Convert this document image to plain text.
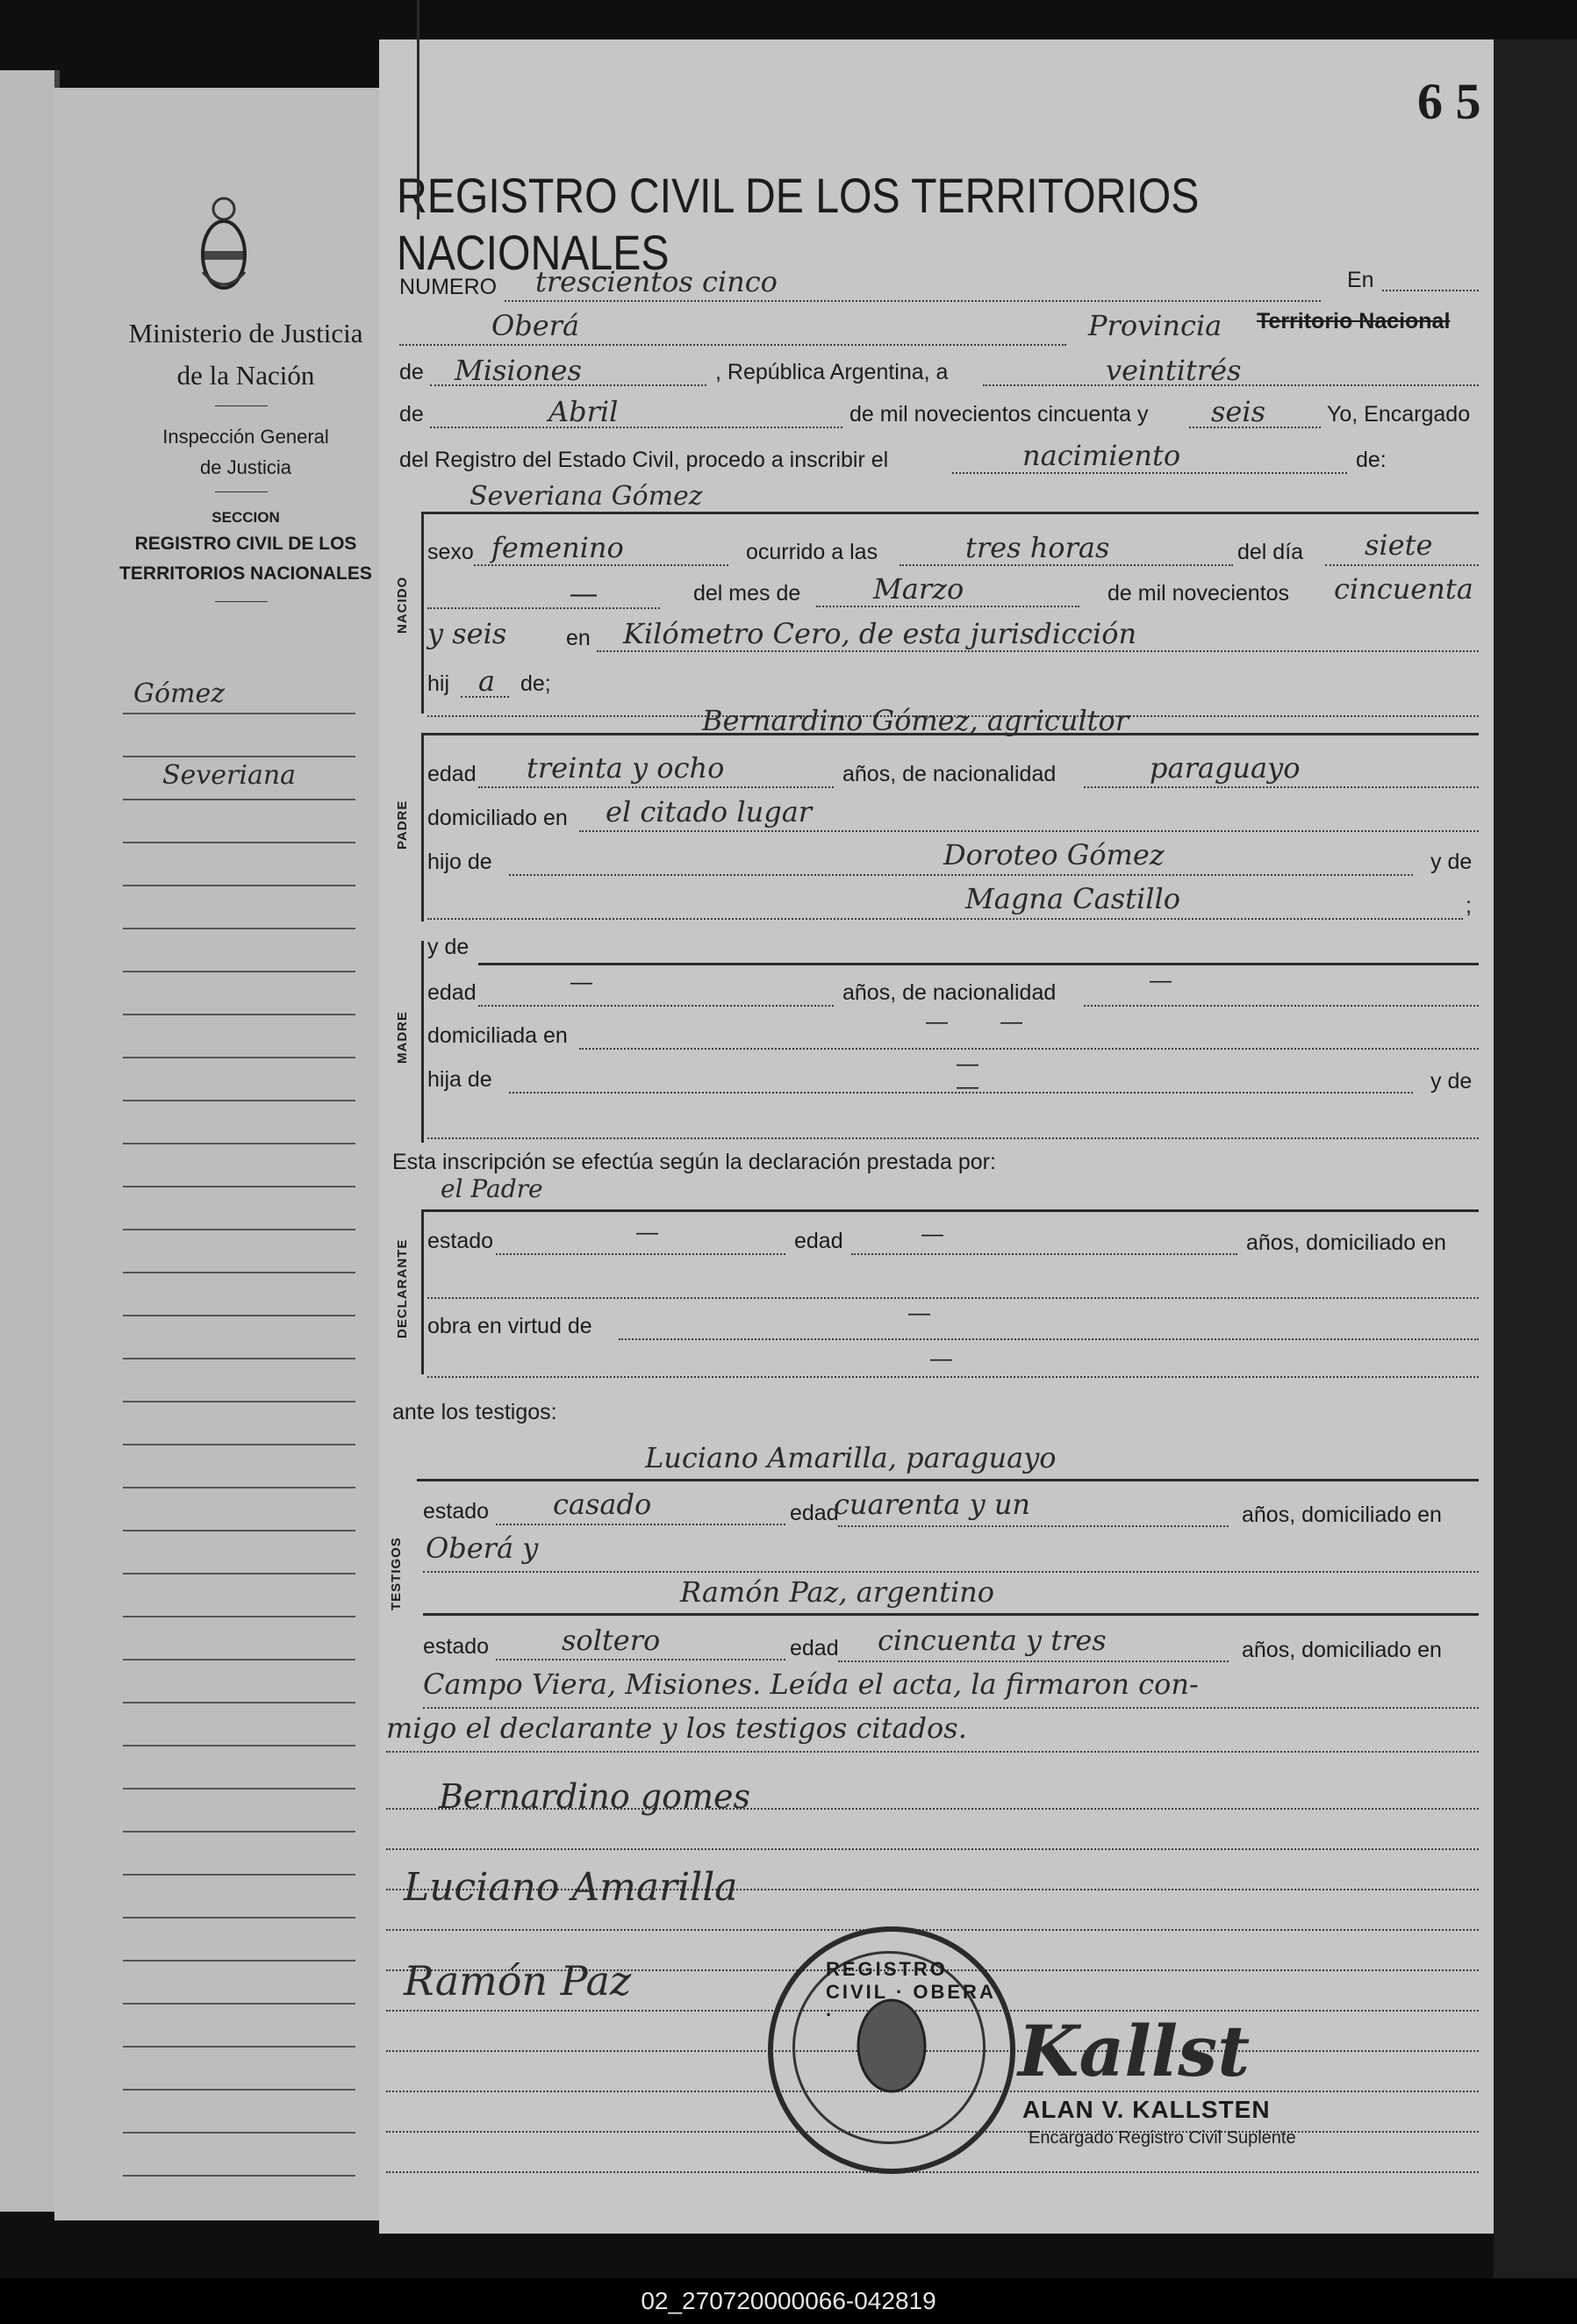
Ministerio de Justicia
de la Nación
Inspección General
de Justicia
SECCION
REGISTRO CIVIL DE LOS
TERRITORIOS NACIONALES
Gómez
Severiana
6 5
REGISTRO CIVIL DE LOS TERRITORIOS NACIONALES
NUMERO trescientos cinco	En
Oberá	Provincia Territorio Nacional
de Misiones	, República Argentina, a	veintitrés
de	Abril	de mil novecientos cincuenta y seis	Yo, Encargado
del Registro del Estado Civil, procedo a inscribir el	nacimiento	de:
Severiana Gómez
NACIDO
sexo femenino	ocurrido a las	tres horas	del día siete
—	del mes de	Marzo	de mil novecientos cincuenta
y seis	en Kilómetro Cero, de esta jurisdicción
hij a de;
Bernardino Gómez, agricultor
PADRE
edad treinta y ocho	años, de nacionalidad	paraguayo
domiciliado en el citado lugar
hijo de	Doroteo Gómez	y de
Magna Castillo	;
MADRE
y de
edad	—	años, de nacionalidad	—
domiciliada en
— —
hija de
—
—	y de
Esta inscripción se efectúa según la declaración prestada por:
el Padre
DECLARANTE estado	—	edad	—	años, domiciliado en
obra en virtud de
—
—
ante los testigos:
Luciano Amarilla, paraguayo
TESTIGOS
estado casado	edad
cuarenta y un	años, domiciliado en
Oberá y
Ramón Paz, argentino
estado	soltero	edad cincuenta y tres	años, domiciliado en
Campo Viera, Misiones. Leída el acta, la firmaron con-
migo el declarante y los testigos citados.
Bernardino gomes
Luciano Amarilla
Ramón Paz	REGISTRO CIVIL · OBERA ·	Kallst
ALAN V. KALLSTEN
Encargado Registro Civil Suplente
02_270720000066-042819
